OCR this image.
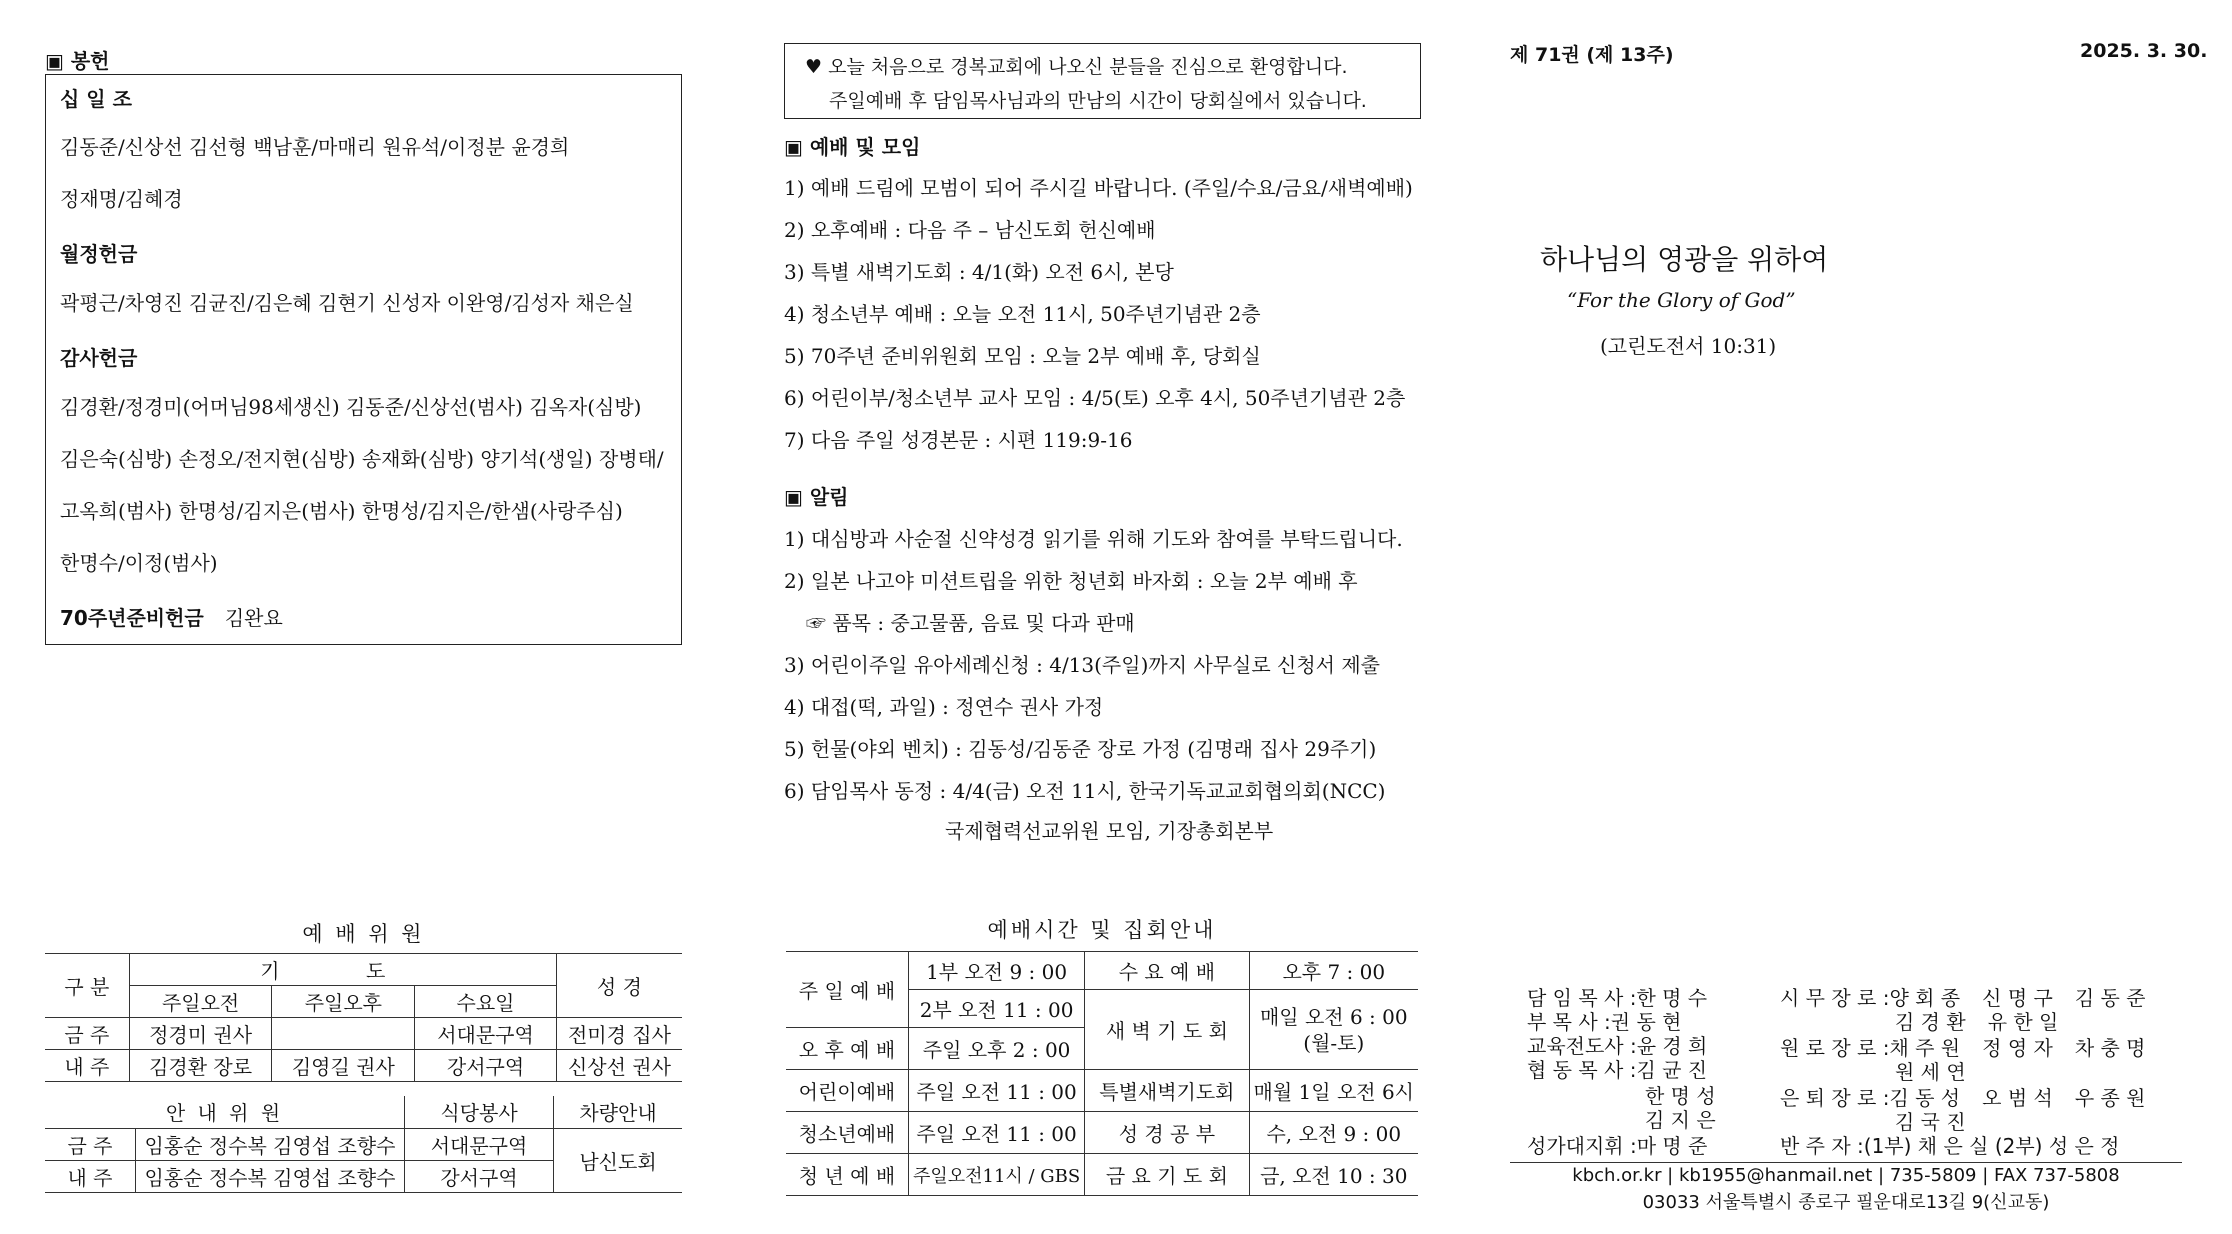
▣ 봉헌
십 일 조
김동준/신상선 김선형 백남훈/마매리 원유석/이정분 윤경희
정재명/김혜경
월정헌금
곽평근/차영진 김균진/김은혜 김현기 신성자 이완영/김성자 채은실
감사헌금
김경환/정경미(어머님98세생신) 김동준/신상선(범사) 김옥자(심방)
김은숙(심방) 손정오/전지현(심방) 송재화(심방) 양기석(생일) 장병태/
고옥희(범사) 한명성/김지은(범사) 한명성/김지은/한샘(사랑주심)
한명수/이정(범사)
70주년준비헌금 김완요
♥ 오늘 처음으로 경복교회에 나오신 분들을 진심으로 환영합니다.
주일예배 후 담임목사님과의 만남의 시간이 당회실에서 있습니다.
▣ 예배 및 모임
1) 예배 드림에 모범이 되어 주시길 바랍니다. (주일/수요/금요/새벽예배)
2) 오후예배 : 다음 주 – 남신도회 헌신예배
3) 특별 새벽기도회 : 4/1(화) 오전 6시, 본당
4) 청소년부 예배 : 오늘 오전 11시, 50주년기념관 2층
5) 70주년 준비위원회 모임 : 오늘 2부 예배 후, 당회실
6) 어린이부/청소년부 교사 모임 : 4/5(토) 오후 4시, 50주년기념관 2층
7) 다음 주일 성경본문 : 시편 119:9-16
▣ 알림
1) 대심방과 사순절 신약성경 읽기를 위해 기도와 참여를 부탁드립니다.
2) 일본 나고야 미션트립을 위한 청년회 바자회 : 오늘 2부 예배 후
☞ 품목 : 중고물품, 음료 및 다과 판매
3) 어린이주일 유아세례신청 : 4/13(주일)까지 사무실로 신청서 제출
4) 대접(떡, 과일) : 정연수 권사 가정
5) 헌물(야외 벤치) : 김동성/김동준 장로 가정 (김명래 집사 29주기)
6) 담임목사 동정 : 4/4(금) 오전 11시, 한국기독교교회협의회(NCC)
국제협력선교위원 모임, 기장총회본부
제 71권 (제 13주)	2025. 3. 30.
하나님의 영광을 위하여
“For the Glory of God”
(고린도전서 10:31)
예 배 위 원
구 분	기 도			성 경
	주일오전	주일오후	수요일	
금 주	정경미 권사		서대문구역	전미경 집사
내 주	김경환 장로	김영길 권사	강서구역	신상선 권사
안 내 위 원		식당봉사	차량안내
금 주	임홍순 정수복 김영섭 조향수	서대문구역	남신도회
내 주	임홍순 정수복 김영섭 조향수	강서구역	
예배시간 및 집회안내
주 일 예 배	1부 오전 9 : 00	수 요 예 배	오후 7 : 00
	2부 오전 11 : 00	새 벽 기 도 회	매일 오전 6 : 00
(월-토)

오 후 예 배	주일 오후 2 : 00		
어린이예배	주일 오전 11 : 00	특별새벽기도회	매월 1일 오전 6시
청소년예배	주일 오전 11 : 00	성 경 공 부	수, 오전 9 : 00
청 년 예 배	주일오전11시 / GBS	금 요 기 도 회	금, 오전 10 : 30
담 임 목 사 :한 명 수
부 목 사 :권 동 현
교육전도사 :윤 경 희
협 동 목 사 :김 균 진
한 명 성
김 지 은
성가대지휘 :마 명 준
시 무 장 로 :양 회 종 신 명 구 김 동 준
김 경 환 유 한 일
원 로 장 로 :채 주 원 정 영 자 차 충 명
원 세 연
은 퇴 장 로 :김 동 성 오 범 석 우 종 원
김 국 진
반 주 자 :(1부) 채 은 실 (2부) 성 은 정
kbch.or.kr | kb1955@hanmail.net | 735-5809 | FAX 737-5808
03033 서울특별시 종로구 필운대로13길 9(신교동)
